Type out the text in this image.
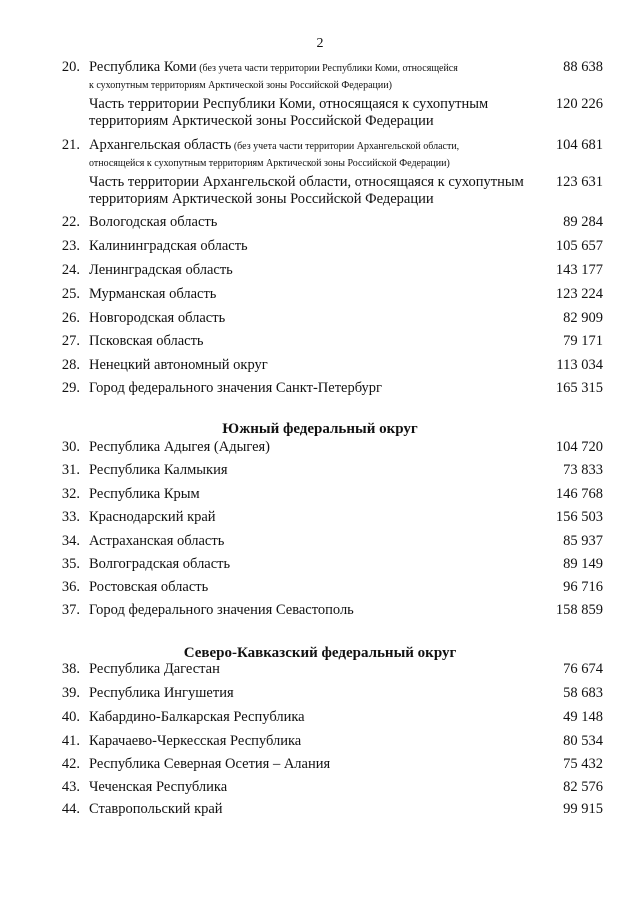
2
20. Республика Коми (без учета части территории Республики Коми, относящейся
к сухопутным территориям Арктической зоны Российской Федерации)
88 638
Часть территории Республики Коми, относящаяся к сухопутным
территориям Арктической зоны Российской Федерации
120 226
21. Архангельская область (без учета части территории Архангельской области,
относящейся к сухопутным территориям Арктической зоны Российской Федерации)
104 681
Часть территории Архангельской области, относящаяся к сухопутным
территориям Арктической зоны Российской Федерации
123 631
22. Вологодская область	89 284
23. Калининградская область	105 657
24. Ленинградская область	143 177
25. Мурманская область	123 224
26. Новгородская область	82 909
27. Псковская область	79 171
28. Ненецкий автономный округ	113 034
29. Город федерального значения Санкт-Петербург	165 315
Южный федеральный округ
30. Республика Адыгея (Адыгея)	104 720
31. Республика Калмыкия	73 833
32. Республика Крым	146 768
33. Краснодарский край	156 503
34. Астраханская область	85 937
35. Волгоградская область	89 149
36. Ростовская область	96 716
37. Город федерального значения Севастополь	158 859
Северо-Кавказский федеральный округ
38. Республика Дагестан	76 674
39. Республика Ингушетия	58 683
40. Кабардино-Балкарская Республика	49 148
41. Карачаево-Черкесская Республика	80 534
42. Республика Северная Осетия – Алания	75 432
43. Чеченская Республика	82 576
44. Ставропольский край	99 915
